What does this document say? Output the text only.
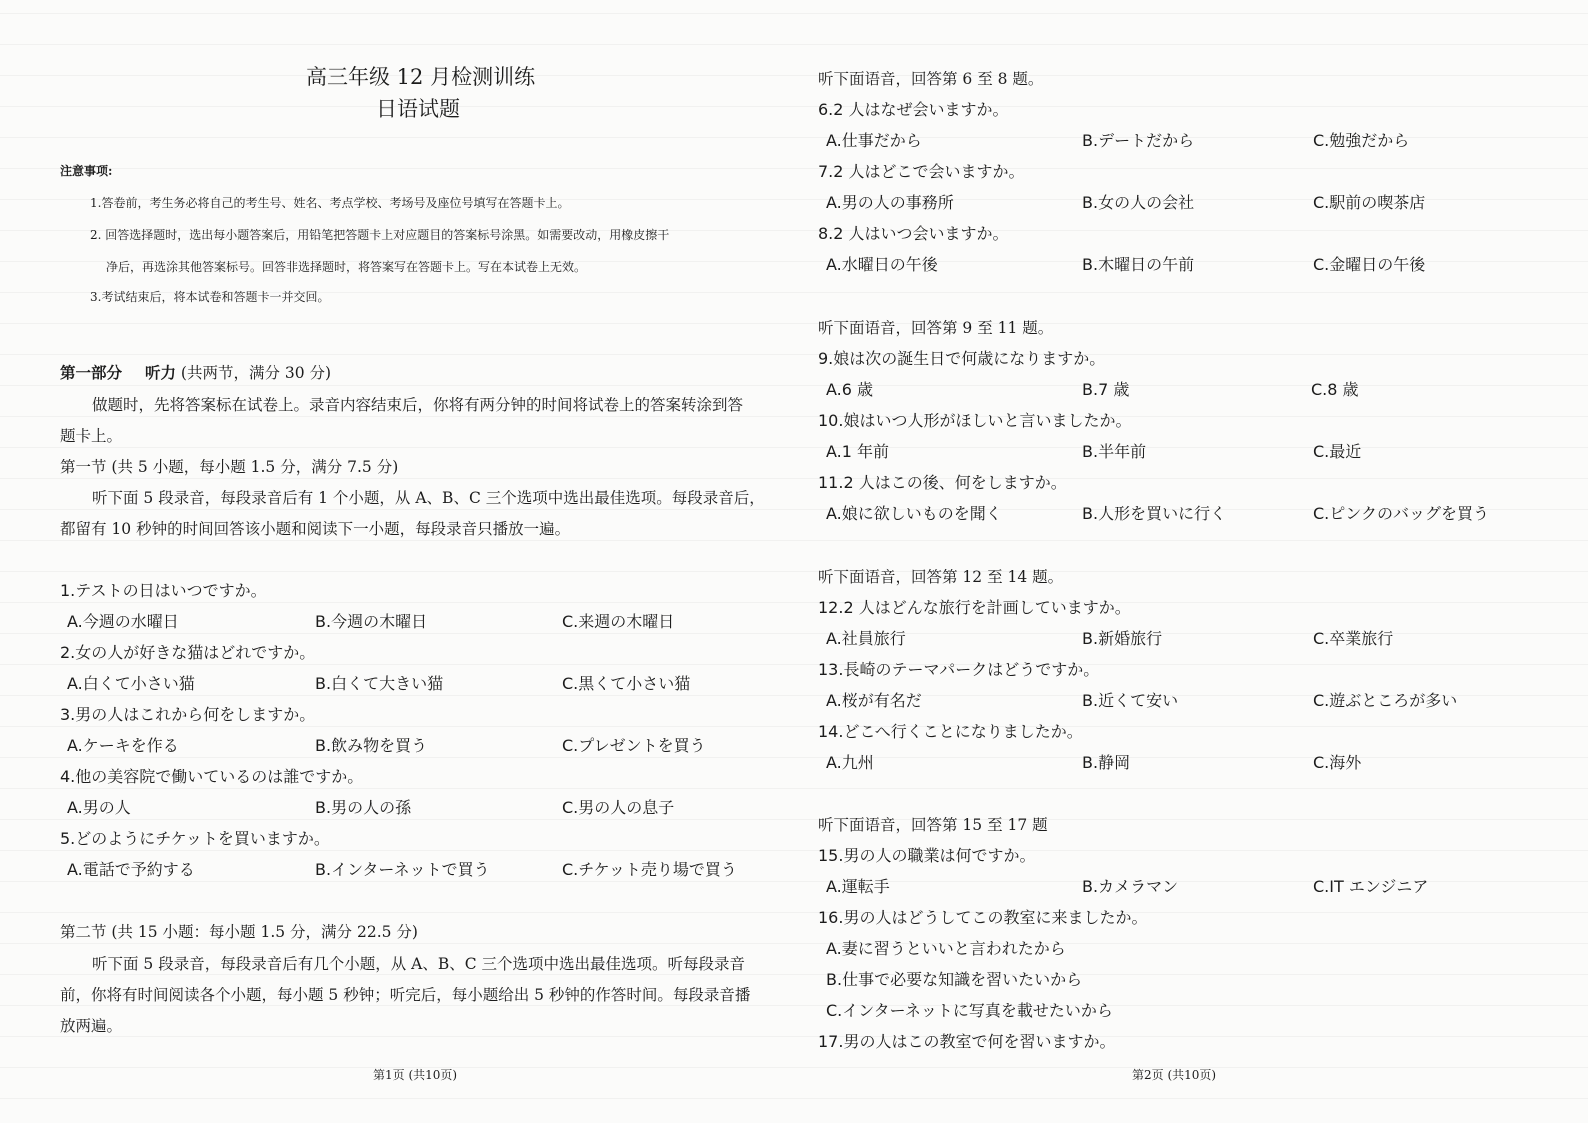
高三年级 12 月检测训练
日语试题
注意事项:
1.答卷前，考生务必将自己的考生号、姓名、考点学校、考场号及座位号填写在答题卡上。
2. 回答选择题时，选出每小题答案后，用铅笔把答题卡上对应题目的答案标号涂黑。如需要改动，用橡皮擦干
净后，再选涂其他答案标号。回答非选择题时，将答案写在答题卡上。写在本试卷上无效。
3.考试结束后，将本试卷和答题卡一并交回。
第一部分 听力 (共两节，满分 30 分)
做题时，先将答案标在试卷上。录音内容结束后，你将有两分钟的时间将试卷上的答案转涂到答
题卡上。
第一节 (共 5 小题，每小题 1.5 分，满分 7.5 分)
听下面 5 段录音，每段录音后有 1 个小题，从 A、B、C 三个选项中选出最佳选项。每段录音后，
都留有 10 秒钟的时间回答该小题和阅读下一小题，每段录音只播放一遍。
1.テストの日はいつですか。
A.今週の水曜日	B.今週の木曜日	C.来週の木曜日
2.女の人が好きな猫はどれですか。
A.白くて小さい猫	B.白くて大きい猫	C.黒くて小さい猫
3.男の人はこれから何をしますか。
A.ケーキを作る	B.飲み物を買う	C.プレゼントを買う
4.他の美容院で働いているのは誰ですか。
A.男の人	B.男の人の孫	C.男の人の息子
5.どのようにチケットを買いますか。
A.電話で予約する	B.インターネットで買う	C.チケット売り場で買う
第二节 (共 15 小题：每小题 1.5 分，满分 22.5 分)
听下面 5 段录音，每段录音后有几个小题，从 A、B、C 三个选项中选出最佳选项。听每段录音
前，你将有时间阅读各个小题，每小题 5 秒钟；听完后，每小题给出 5 秒钟的作答时间。每段录音播
放两遍。
第1页 (共10页)
听下面语音，回答第 6 至 8 题。
6.2 人はなぜ会いますか。
A.仕事だから	B.デートだから	C.勉強だから
7.2 人はどこで会いますか。
A.男の人の事務所	B.女の人の会社	C.駅前の喫茶店
8.2 人はいつ会いますか。
A.水曜日の午後	B.木曜日の午前	C.金曜日の午後
听下面语音，回答第 9 至 11 题。
9.娘は次の誕生日で何歳になりますか。
A.6 歳	B.7 歳	C.8 歳
10.娘はいつ人形がほしいと言いましたか。
A.1 年前	B.半年前	C.最近
11.2 人はこの後、何をしますか。
A.娘に欲しいものを聞く	B.人形を買いに行く	C.ピンクのバッグを買う
听下面语音，回答第 12 至 14 题。
12.2 人はどんな旅行を計画していますか。
A.社員旅行	B.新婚旅行	C.卒業旅行
13.長崎のテーマパークはどうですか。
A.桜が有名だ	B.近くて安い	C.遊ぶところが多い
14.どこへ行くことになりましたか。
A.九州	B.静岡	C.海外
听下面语音，回答第 15 至 17 题
15.男の人の職業は何ですか。
A.運転手	B.カメラマン	C.IT エンジニア
16.男の人はどうしてこの教室に来ましたか。
A.妻に習うといいと言われたから
B.仕事で必要な知識を習いたいから
C.インターネットに写真を載せたいから
17.男の人はこの教室で何を習いますか。
第2页 (共10页)
